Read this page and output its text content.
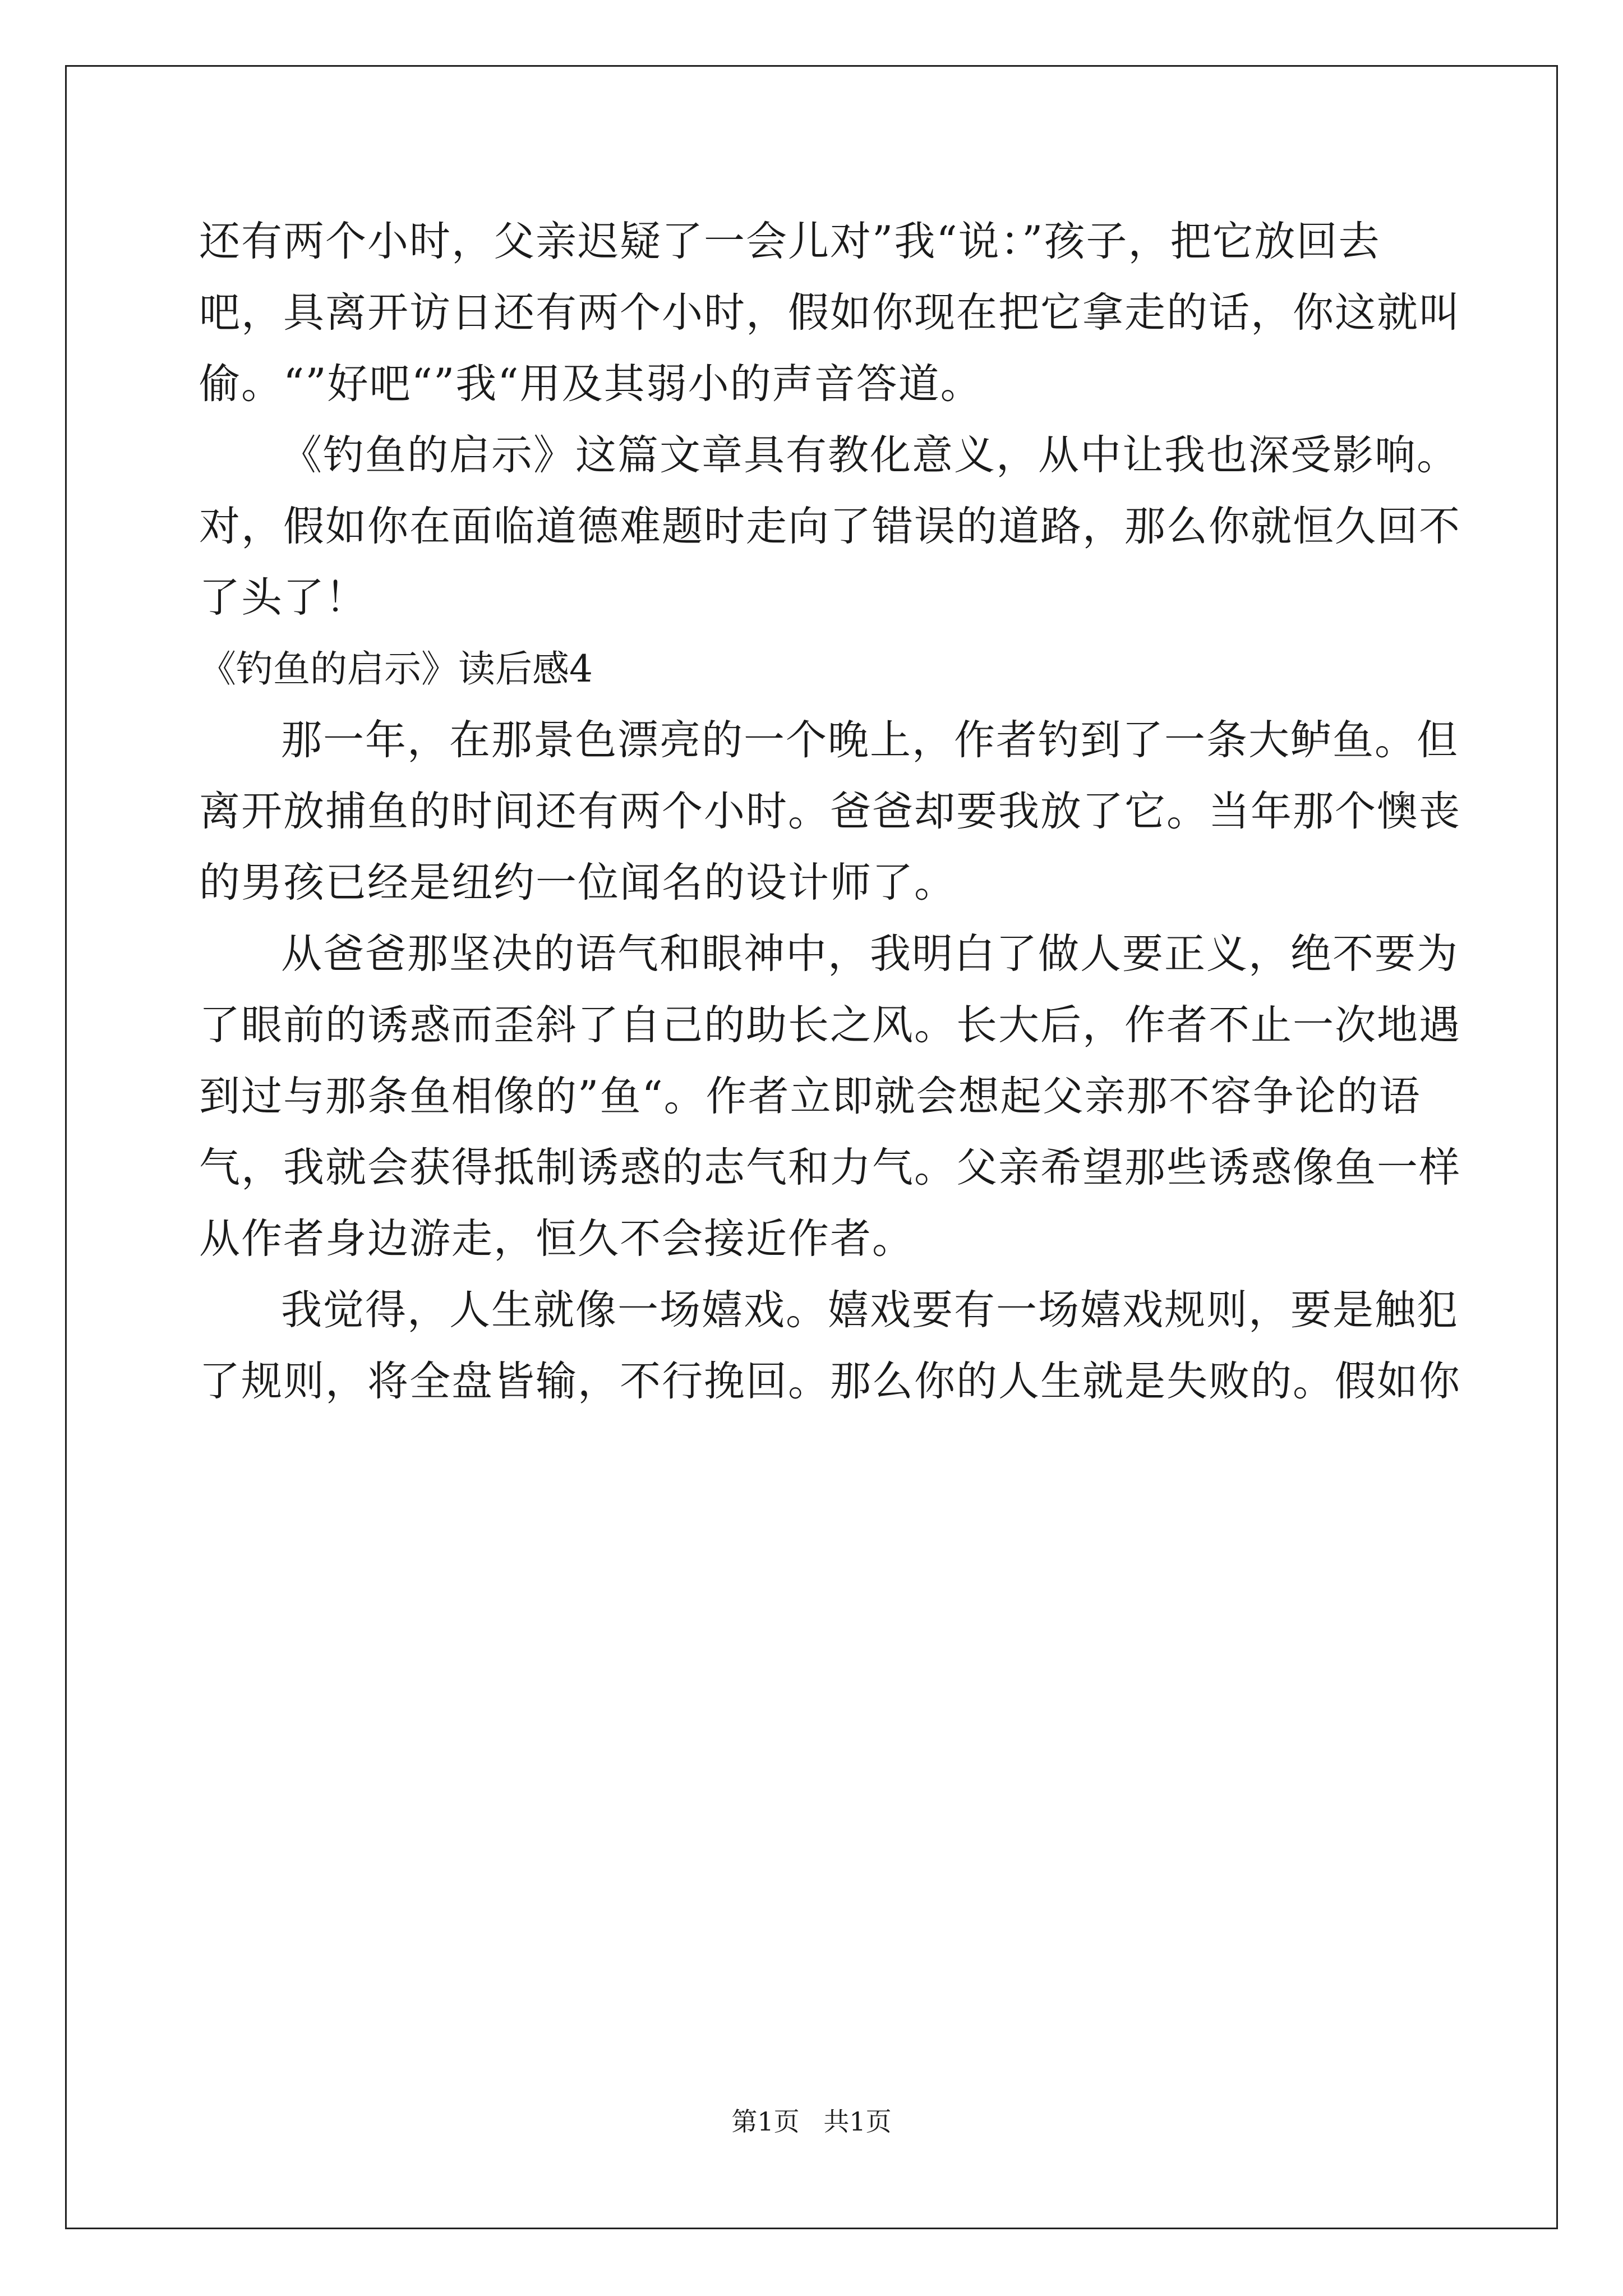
还有两个小时，父亲迟疑了一会儿对”我“说：”孩子，把它放回去
吧，具离开访日还有两个小时，假如你现在把它拿走的话，你这就叫
偷。“”好吧“”我“用及其弱小的声音答道。
《钓鱼的启示》这篇文章具有教化意义，从中让我也深受影响。
对，假如你在面临道德难题时走向了错误的道路，那么你就恒久回不
了头了！
《钓鱼的启示》读后感4
那一年，在那景色漂亮的一个晚上，作者钓到了一条大鲈鱼。但
离开放捕鱼的时间还有两个小时。爸爸却要我放了它。当年那个懊丧
的男孩已经是纽约一位闻名的设计师了。
从爸爸那坚决的语气和眼神中，我明白了做人要正义，绝不要为
了眼前的诱惑而歪斜了自己的助长之风。长大后，作者不止一次地遇
到过与那条鱼相像的”鱼“。作者立即就会想起父亲那不容争论的语
气，我就会获得抵制诱惑的志气和力气。父亲希望那些诱惑像鱼一样
从作者身边游走，恒久不会接近作者。
我觉得，人生就像一场嬉戏。嬉戏要有一场嬉戏规则，要是触犯
了规则，将全盘皆输，不行挽回。那么你的人生就是失败的。假如你
第1页 共1页
